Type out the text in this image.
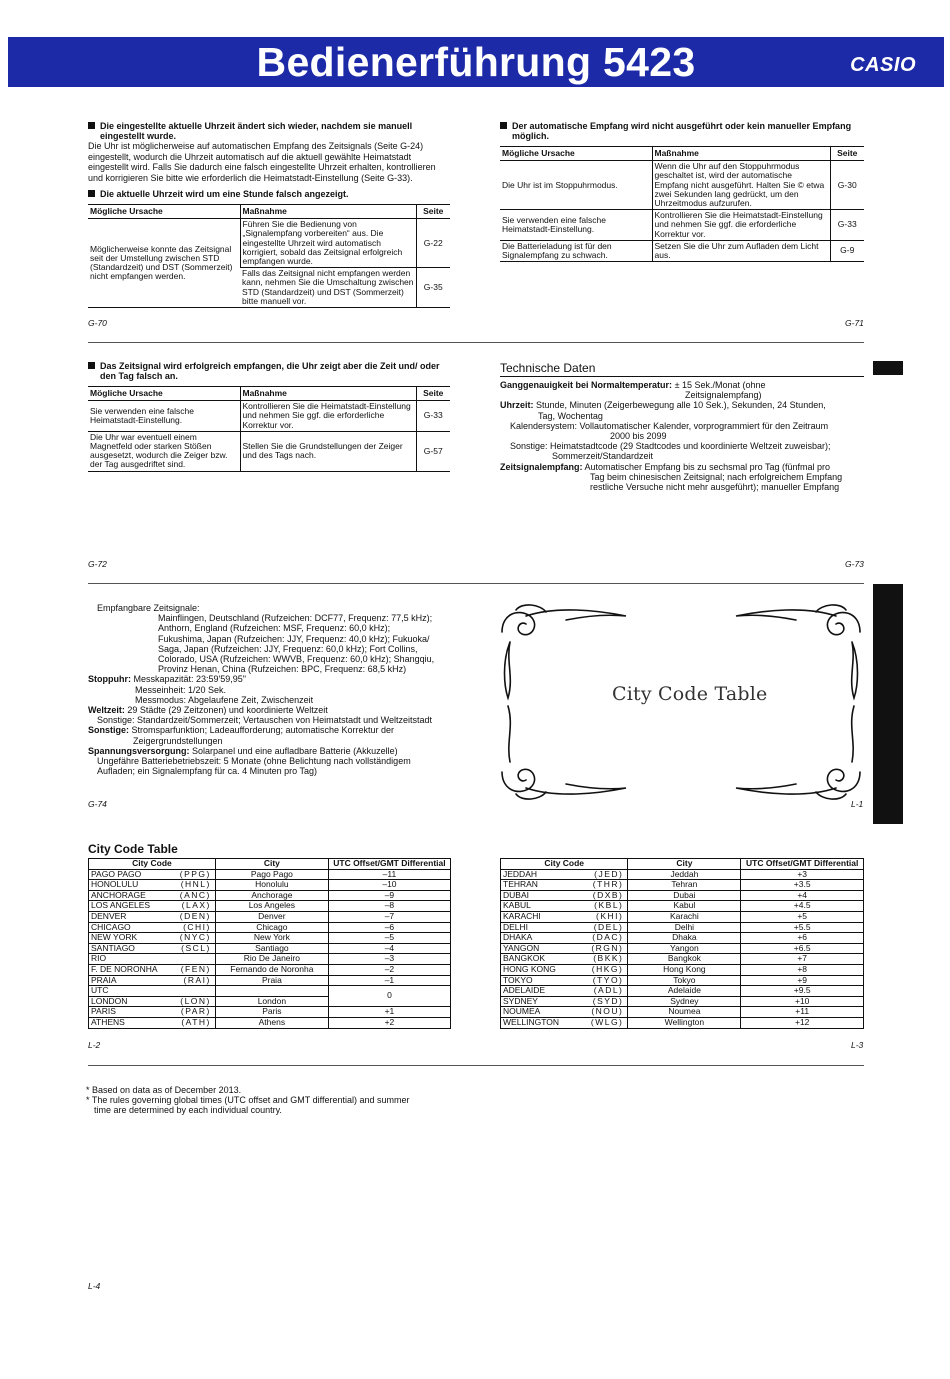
Bedienerführung 5423	CASIO
Die eingestellte aktuelle Uhrzeit ändert sich wieder, nachdem sie manuell eingestellt wurde.

Die Uhr ist möglicherweise auf automatischen Empfang des Zeitsignals (Seite G-24) eingestellt, wodurch die Uhrzeit automatisch auf die aktuell gewählte Heimatstadt eingestellt wird. Falls Sie dadurch eine falsch eingestellte Uhrzeit erhalten, kontrollieren und korrigieren Sie bitte wie erforderlich die Heimatstadt-Einstellung (Seite G-33).

Die aktuelle Uhrzeit wird um eine Stunde falsch angezeigt.
Mögliche Ursache	Maßnahme	Seite
Möglicherweise konnte das Zeitsignal seit der Umstellung zwischen STD (Standardzeit) und DST (Sommerzeit) nicht empfangen werden.	Führen Sie die Bedienung von „Signalempfang vorbereiten“ aus. Die eingestellte Uhrzeit wird automatisch korrigiert, sobald das Zeitsignal erfolgreich empfangen wurde.	G-22
	Falls das Zeitsignal nicht empfangen werden kann, nehmen Sie die Umschaltung zwischen STD (Standardzeit) und DST (Sommerzeit) bitte manuell vor.	G-35
G-70
Der automatische Empfang wird nicht ausgeführt oder kein manueller Empfang möglich.
Mögliche Ursache	Maßnahme	Seite
Die Uhr ist im Stoppuhrmodus.	Wenn die Uhr auf den Stoppuhrmodus geschaltet ist, wird der automatische Empfang nicht ausgeführt. Halten Sie © etwa zwei Sekunden lang gedrückt, um den Uhrzeitmodus aufzurufen.	G-30
Sie verwenden eine falsche Heimatstadt-Einstellung.	Kontrollieren Sie die Heimatstadt-Einstellung und nehmen Sie ggf. die erforderliche Korrektur vor.	G-33
Die Batterieladung ist für den Signalempfang zu schwach.	Setzen Sie die Uhr zum Aufladen dem Licht aus.	G-9
G-71
Das Zeitsignal wird erfolgreich empfangen, die Uhr zeigt aber die Zeit und/ oder den Tag falsch an.
Mögliche Ursache	Maßnahme	Seite
Sie verwenden eine falsche Heimatstadt-Einstellung.	Kontrollieren Sie die Heimatstadt-Einstellung und nehmen Sie ggf. die erforderliche Korrektur vor.	G-33
Die Uhr war eventuell einem Magnetfeld oder starken Stößen ausgesetzt, wodurch die Zeiger bzw. der Tag ausgedriftet sind.	Stellen Sie die Grundstellungen der Zeiger und des Tags nach.	G-57
G-72
Technische Daten
Ganggenauigkeit bei Normaltemperatur: ± 15 Sek./Monat (ohne
Zeitsignalempfang)
Uhrzeit: Stunde, Minuten (Zeigerbewegung alle 10 Sek.), Sekunden, 24 Stunden,
Tag, Wochentag
Kalendersystem: Vollautomatischer Kalender, vorprogrammiert für den Zeitraum
2000 bis 2099
Sonstige: Heimatstadtcode (29 Stadtcodes und koordinierte Weltzeit zuweisbar);
Sommerzeit/Standardzeit
Zeitsignalempfang: Automatischer Empfang bis zu sechsmal pro Tag (fünfmal pro
Tag beim chinesischen Zeitsignal; nach erfolgreichem Empfang
restliche Versuche nicht mehr ausgeführt); manueller Empfang
G-73
Empfangbare Zeitsignale:
Mainflingen, Deutschland (Rufzeichen: DCF77, Frequenz: 77,5 kHz);
Anthorn, England (Rufzeichen: MSF, Frequenz: 60,0 kHz);
Fukushima, Japan (Rufzeichen: JJY, Frequenz: 40,0 kHz); Fukuoka/
Saga, Japan (Rufzeichen: JJY, Frequenz: 60,0 kHz); Fort Collins,
Colorado, USA (Rufzeichen: WWVB, Frequenz: 60,0 kHz); Shangqiu,
Provinz Henan, China (Rufzeichen: BPC, Frequenz: 68,5 kHz)
Stoppuhr: Messkapazität: 23:59'59,95"
Messeinheit: 1/20 Sek.
Messmodus: Abgelaufene Zeit, Zwischenzeit
Weltzeit: 29 Städte (29 Zeitzonen) und koordinierte Weltzeit
Sonstige: Standardzeit/Sommerzeit; Vertauschen von Heimatstadt und Weltzeitstadt
Sonstige: Stromsparfunktion; Ladeaufforderung; automatische Korrektur der
Zeigergrundstellungen
Spannungsversorgung: Solarpanel und eine aufladbare Batterie (Akkuzelle)
Ungefähre Batteriebetriebszeit: 5 Monate (ohne Belichtung nach vollständigem
Aufladen; ein Signalempfang für ca. 4 Minuten pro Tag)
G-74
City Code Table
L-1
City Code Table
City Code		City	UTC Offset/GMT Differential
PAGO PAGO	(PPG)	Pago Pago	–11
HONOLULU	(HNL)	Honolulu	–10
ANCHORAGE	(ANC)	Anchorage	–9
LOS ANGELES	(LAX)	Los Angeles	–8
DENVER	(DEN)	Denver	–7
CHICAGO	(CHI)	Chicago	–6
NEW YORK	(NYC)	New York	–5
SANTIAGO	(SCL)	Santiago	–4
RIO		Rio De Janeiro	–3
F. DE NORONHA	(FEN)	Fernando de Noronha	–2
PRAIA	(RAI)	Praia	–1
UTC			0
LONDON	(LON)	London	
PARIS	(PAR)	Paris	+1
ATHENS	(ATH)	Athens	+2
L-2
City Code		City	UTC Offset/GMT Differential
JEDDAH	(JED)	Jeddah	+3
TEHRAN	(THR)	Tehran	+3.5
DUBAI	(DXB)	Dubai	+4
KABUL	(KBL)	Kabul	+4.5
KARACHI	(KHI)	Karachi	+5
DELHI	(DEL)	Delhi	+5.5
DHAKA	(DAC)	Dhaka	+6
YANGON	(RGN)	Yangon	+6.5
BANGKOK	(BKK)	Bangkok	+7
HONG KONG	(HKG)	Hong Kong	+8
TOKYO	(TYO)	Tokyo	+9
ADELAIDE	(ADL)	Adelaide	+9.5
SYDNEY	(SYD)	Sydney	+10
NOUMEA	(NOU)	Noumea	+11
WELLINGTON	(WLG)	Wellington	+12
L-3
* Based on data as of December 2013.
* The rules governing global times (UTC offset and GMT differential) and summer
time are determined by each individual country.
L-4
